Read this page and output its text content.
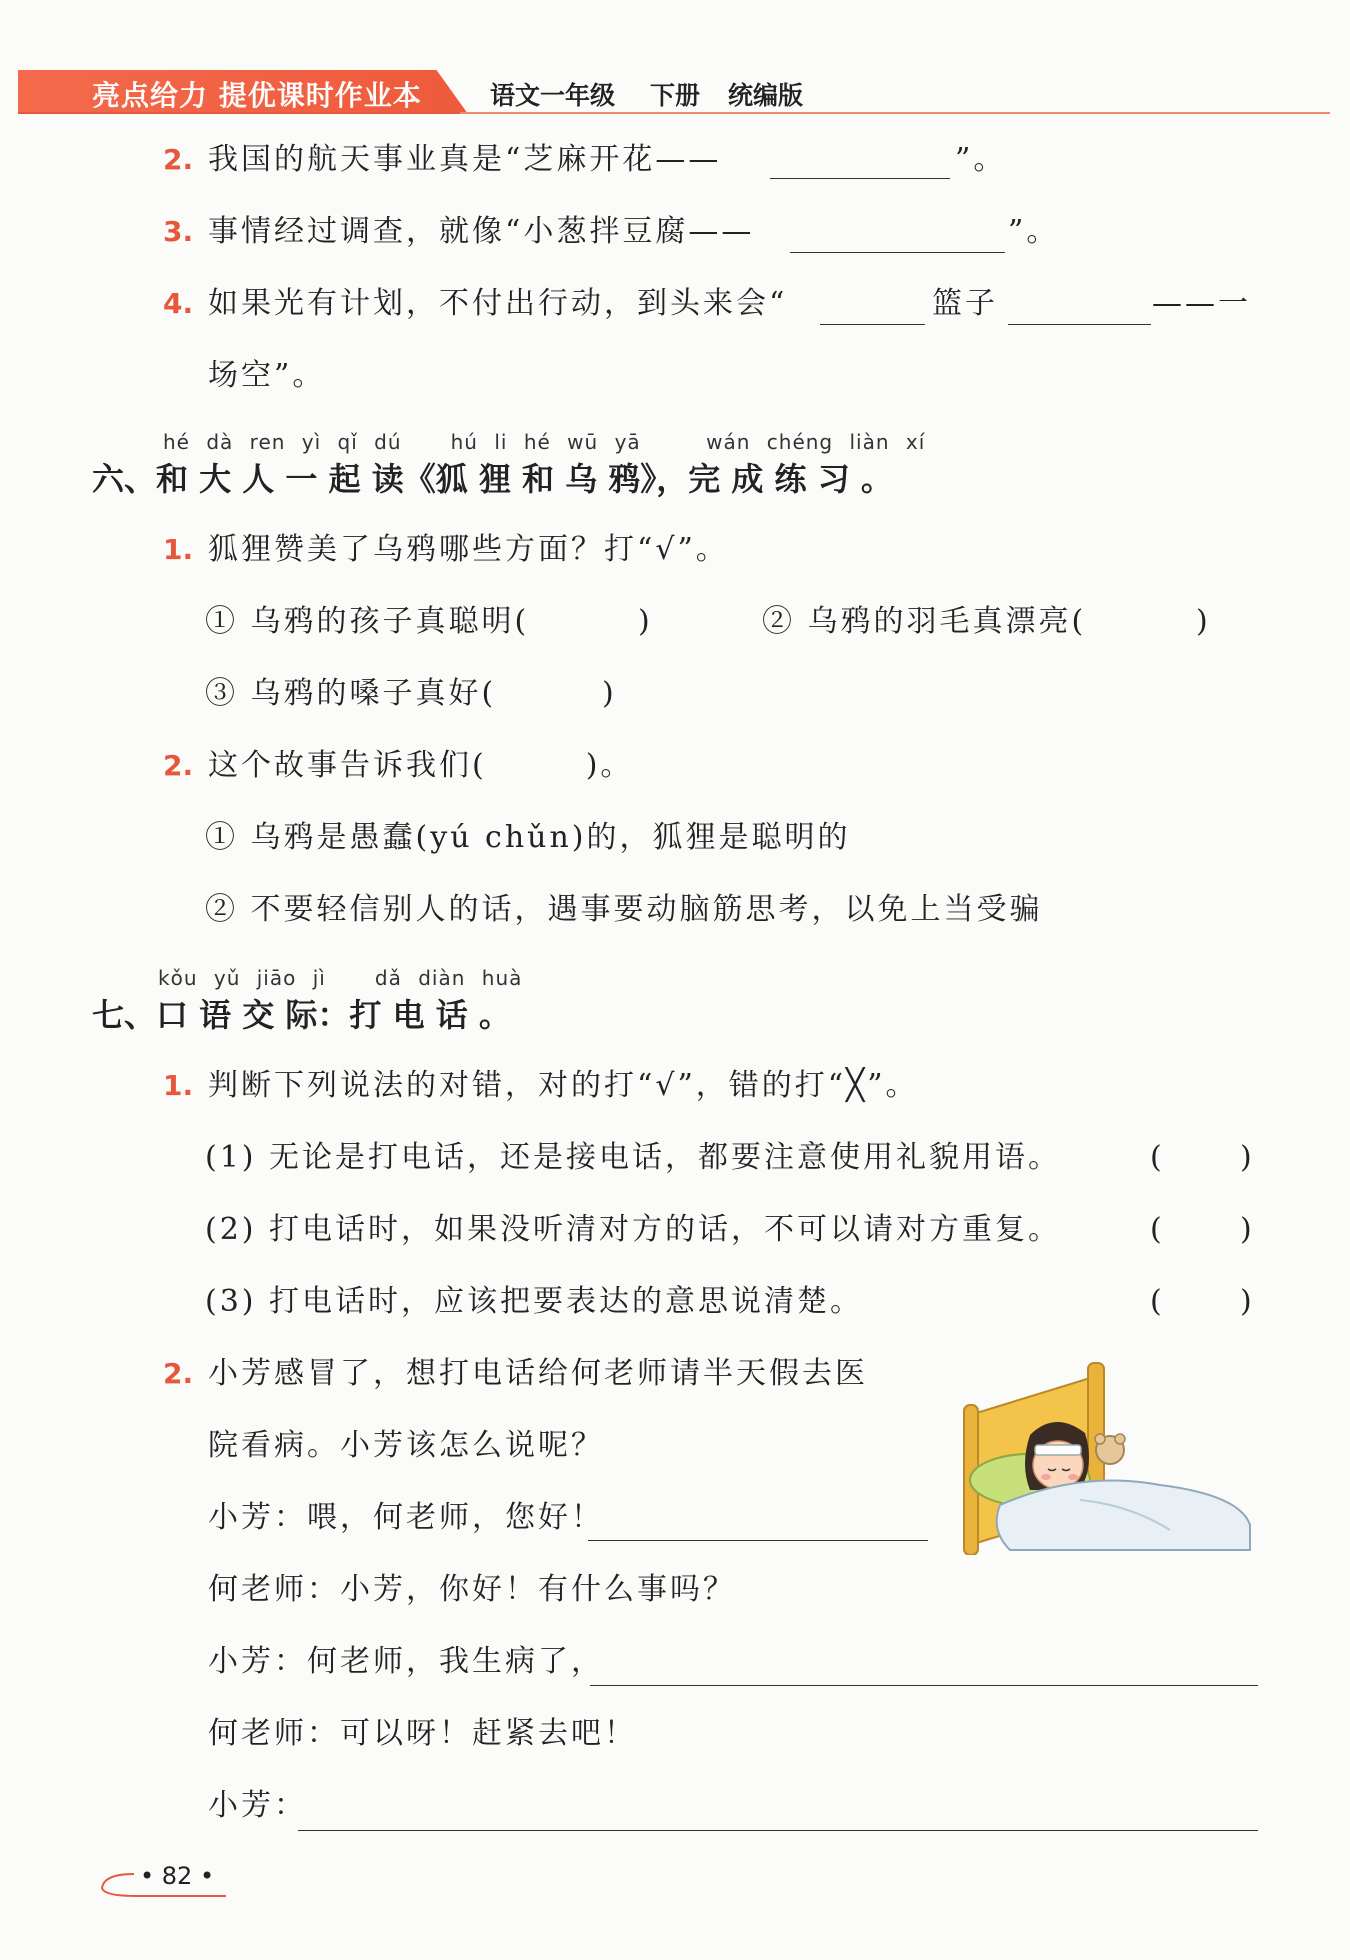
亮点给力 提优课时作业本	语文一年级 下册 统编版
2. 我国的航天事业真是“芝麻开花——	”。
3. 事情经过调查，就像“小葱拌豆腐——	”。
4. 如果光有计划，不付出行动，到头来会“	篮子	——一
场空”。
hé dà ren yì qǐ dú hú li hé wū yā	wán chéng liàn xí
六、和 大 人 一 起 读《狐 狸 和 乌 鸦》，完 成 练 习 。
1. 狐狸赞美了乌鸦哪些方面？打“√”。
① 乌鸦的孩子真聪明(	)	② 乌鸦的羽毛真漂亮(	)
③ 乌鸦的嗓子真好(	)
2. 这个故事告诉我们(　　　)。
① 乌鸦是愚蠢(yú chǔn)的，狐狸是聪明的
② 不要轻信别人的话，遇事要动脑筋思考，以免上当受骗
kǒu yǔ jiāo jì dǎ diàn huà
七、口 语 交 际：打 电 话 。
1. 判断下列说法的对错，对的打“√”，错的打“╳”。
(1) 无论是打电话，还是接电话，都要注意使用礼貌用语。	(	)
(2) 打电话时，如果没听清对方的话，不可以请对方重复。	(	)
(3) 打电话时，应该把要表达的意思说清楚。	(	)
2. 小芳感冒了，想打电话给何老师请半天假去医
院看病。小芳该怎么说呢？
小芳：喂，何老师，您好！
何老师：小芳，你好！有什么事吗？
小芳：何老师，我生病了，
何老师：可以呀！赶紧去吧！
小芳：
• 82 •
